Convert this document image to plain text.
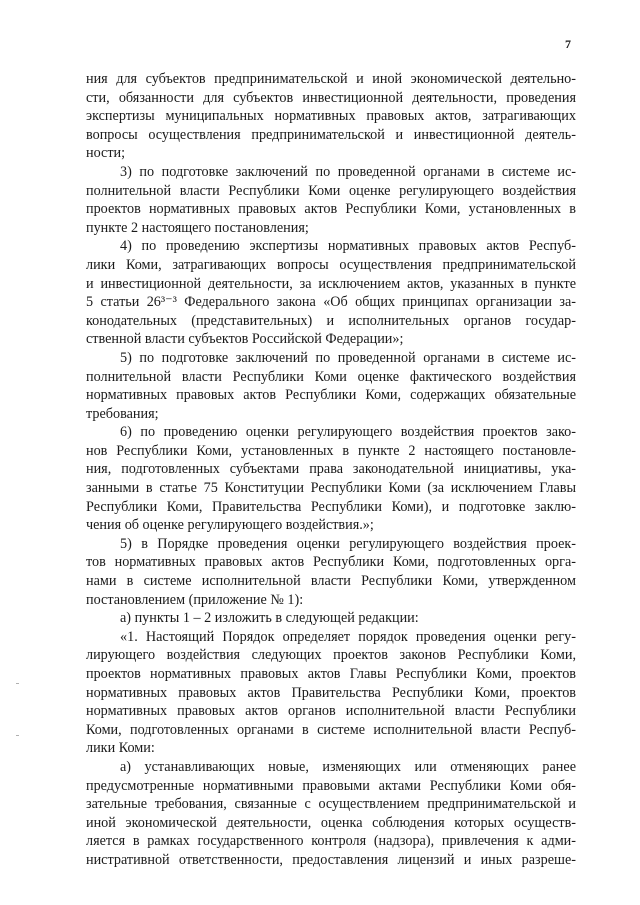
7
ния для субъектов предпринимательской и иной экономической деятельно-
сти, обязанности для субъектов инвестиционной деятельности, проведения
экспертизы муниципальных нормативных правовых актов, затрагивающих
вопросы осуществления предпринимательской и инвестиционной деятель-
ности;
3) по подготовке заключений по проведенной органами в системе ис-
полнительной власти Республики Коми оценке регулирующего воздействия
проектов нормативных правовых актов Республики Коми, установленных в
пункте 2 настоящего постановления;
4) по проведению экспертизы нормативных правовых актов Респуб-
лики Коми, затрагивающих вопросы осуществления предпринимательской
и инвестиционной деятельности, за исключением актов, указанных в пункте
5 статьи 26³⁻³ Федерального закона «Об общих принципах организации за-
конодательных (представительных) и исполнительных органов государ-
ственной власти субъектов Российской Федерации»;
5) по подготовке заключений по проведенной органами в системе ис-
полнительной власти Республики Коми оценке фактического воздействия
нормативных правовых актов Республики Коми, содержащих обязательные
требования;
6) по проведению оценки регулирующего воздействия проектов зако-
нов Республики Коми, установленных в пункте 2 настоящего постановле-
ния, подготовленных субъектами права законодательной инициативы, ука-
занными в статье 75 Конституции Республики Коми (за исключением Главы
Республики Коми, Правительства Республики Коми), и подготовке заклю-
чения об оценке регулирующего воздействия.»;
5) в Порядке проведения оценки регулирующего воздействия проек-
тов нормативных правовых актов Республики Коми, подготовленных орга-
нами в системе исполнительной власти Республики Коми, утвержденном
постановлением (приложение № 1):
а) пункты 1 – 2 изложить в следующей редакции:
«1. Настоящий Порядок определяет порядок проведения оценки регу-
лирующего воздействия следующих проектов законов Республики Коми,
проектов нормативных правовых актов Главы Республики Коми, проектов
нормативных правовых актов Правительства Республики Коми, проектов
нормативных правовых актов органов исполнительной власти Республики
Коми, подготовленных органами в системе исполнительной власти Респуб-
лики Коми:
а) устанавливающих новые, изменяющих или отменяющих ранее
предусмотренные нормативными правовыми актами Республики Коми обя-
зательные требования, связанные с осуществлением предпринимательской и
иной экономической деятельности, оценка соблюдения которых осуществ-
ляется в рамках государственного контроля (надзора), привлечения к адми-
нистративной ответственности, предоставления лицензий и иных разреше-
